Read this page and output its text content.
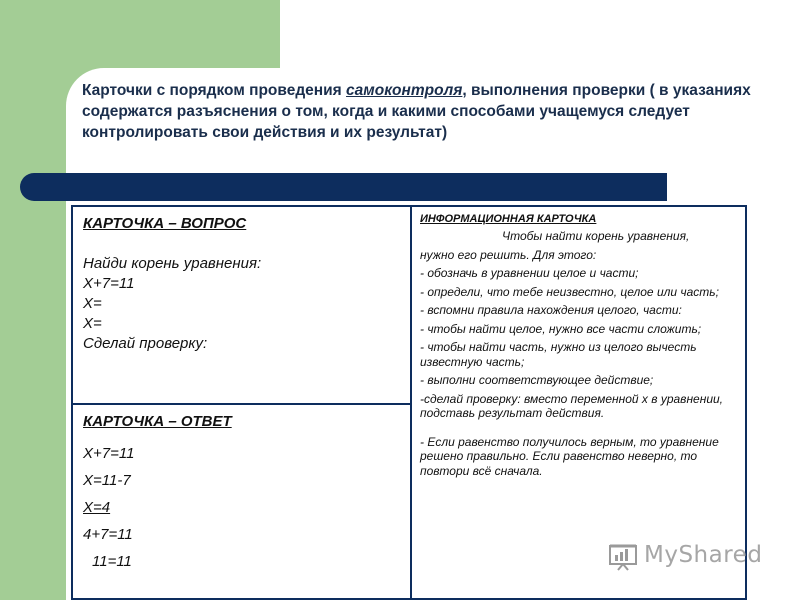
Карточки с порядком проведения самоконтроля, выполнения проверки ( в указаниях содержатся разъяснения о том, когда и какими способами учащемуся следует контролировать свои действия и их результат)
КАРТОЧКА – ВОПРОС
Найди корень уравнения:
Х+7=11
Х=
Х=
Сделай проверку:

ИНФОРМАЦИОННАЯ КАРТОЧКА
Чтобы найти корень уравнения,
нужно его решить. Для этого:
- обозначь в уравнении целое и части;
- определи, что тебе неизвестно, целое или часть;
- вспомни правила нахождения целого, части:
- чтобы найти целое, нужно все части сложить;
- чтобы найти часть, нужно из целого вычесть известную часть;
- выполни соответствующее действие;
-сделай проверку: вместо переменной х в уравнении, подставь результат действия.
- Если равенство получилось верным, то уравнение решено правильно. Если равенство неверно, то повтори всё сначала.

КАРТОЧКА – ОТВЕТ
Х+7=11
Х=11-7
Х=4
4+7=11
11=11	MyShared
